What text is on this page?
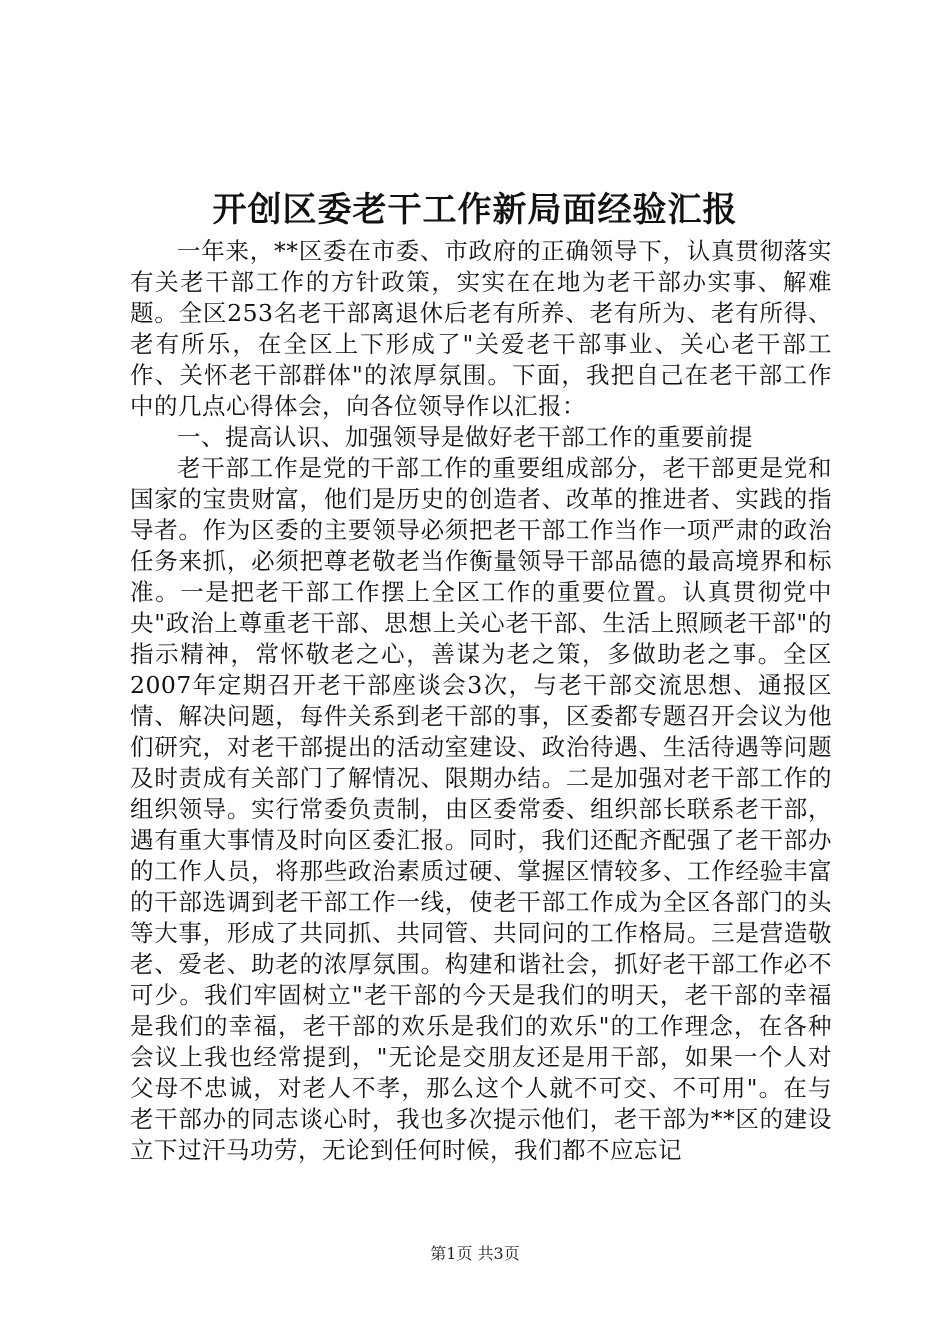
开创区委老干工作新局面经验汇报

一年来，**区委在市委、市政府的正确领导下，认真贯彻落实有关老干部工作的方针政策，实实在在地为老干部办实事、解难题。全区253名老干部离退休后老有所养、老有所为、老有所得、老有所乐，在全区上下形成了"关爱老干部事业、关心老干部工作、关怀老干部群体"的浓厚氛围。下面，我把自己在老干部工作中的几点心得体会，向各位领导作以汇报：

一、提高认识、加强领导是做好老干部工作的重要前提

老干部工作是党的干部工作的重要组成部分，老干部更是党和国家的宝贵财富，他们是历史的创造者、改革的推进者、实践的指导者。作为区委的主要领导必须把老干部工作当作一项严肃的政治任务来抓，必须把尊老敬老当作衡量领导干部品德的最高境界和标准。一是把老干部工作摆上全区工作的重要位置。认真贯彻党中央"政治上尊重老干部、思想上关心老干部、生活上照顾老干部"的指示精神，常怀敬老之心，善谋为老之策，多做助老之事。全区2007年定期召开老干部座谈会3次，与老干部交流思想、通报区情、解决问题，每件关系到老干部的事，区委都专题召开会议为他们研究，对老干部提出的活动室建设、政治待遇、生活待遇等问题及时责成有关部门了解情况、限期办结。二是加强对老干部工作的组织领导。实行常委负责制，由区委常委、组织部长联系老干部，遇有重大事情及时向区委汇报。同时，我们还配齐配强了老干部办的工作人员，将那些政治素质过硬、掌握区情较多、工作经验丰富的干部选调到老干部工作一线，使老干部工作成为全区各部门的头等大事，形成了共同抓、共同管、共同问的工作格局。三是营造敬老、爱老、助老的浓厚氛围。构建和谐社会，抓好老干部工作必不可少。我们牢固树立"老干部的今天是我们的明天，老干部的幸福是我们的幸福，老干部的欢乐是我们的欢乐"的工作理念，在各种会议上我也经常提到，"无论是交朋友还是用干部，如果一个人对父母不忠诚，对老人不孝，那么这个人就不可交、不可用"。在与老干部办的同志谈心时，我也多次提示他们，老干部为**区的建设立下过汗马功劳，无论到任何时候，我们都不应忘记

第1页 共3页
